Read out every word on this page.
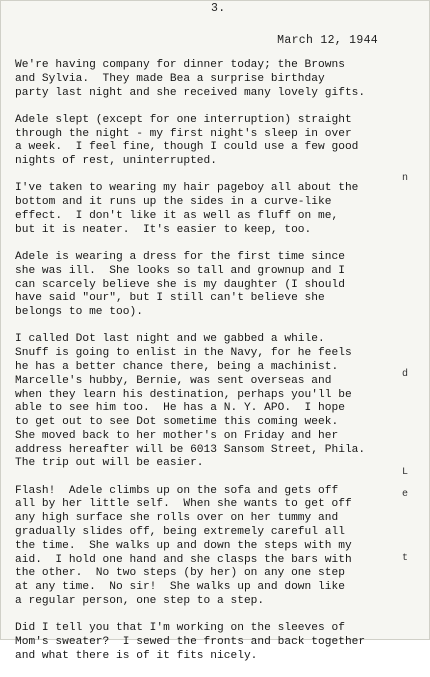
3.
March 12, 1944
We're having company for dinner today; the Browns
and Sylvia.  They made Bea a surprise birthday
party last night and she received many lovely gifts.
Adele slept (except for one interruption) straight
through the night - my first night's sleep in over
a week.  I feel fine, though I could use a few good
nights of rest, uninterrupted.
I've taken to wearing my hair pageboy all about the
bottom and it runs up the sides in a curve-like
effect.  I don't like it as well as fluff on me,
but it is neater.  It's easier to keep, too.
Adele is wearing a dress for the first time since
she was ill.  She looks so tall and grownup and I
can scarcely believe she is my daughter (I should
have said "our", but I still can't believe she
belongs to me too).
I called Dot last night and we gabbed a while.
Snuff is going to enlist in the Navy, for he feels
he has a better chance there, being a machinist.
Marcelle's hubby, Bernie, was sent overseas and
when they learn his destination, perhaps you'll be
able to see him too.  He has a N. Y. APO.  I hope
to get out to see Dot sometime this coming week.
She moved back to her mother's on Friday and her
address hereafter will be 6013 Sansom Street, Phila.
The trip out will be easier.
Flash!  Adele climbs up on the sofa and gets off
all by her little self.  When she wants to get off
any high surface she rolls over on her tummy and
gradually slides off, being extremely careful all
the time.  She walks up and down the steps with my
aid.  I hold one hand and she clasps the bars with
the other.  No two steps (by her) on any one step
at any time.  No sir!  She walks up and down like
a regular person, one step to a step.
Did I tell you that I'm working on the sleeves of
Mom's sweater?  I sewed the fronts and back together
and what there is of it fits nicely.
n
d
L
e
t
